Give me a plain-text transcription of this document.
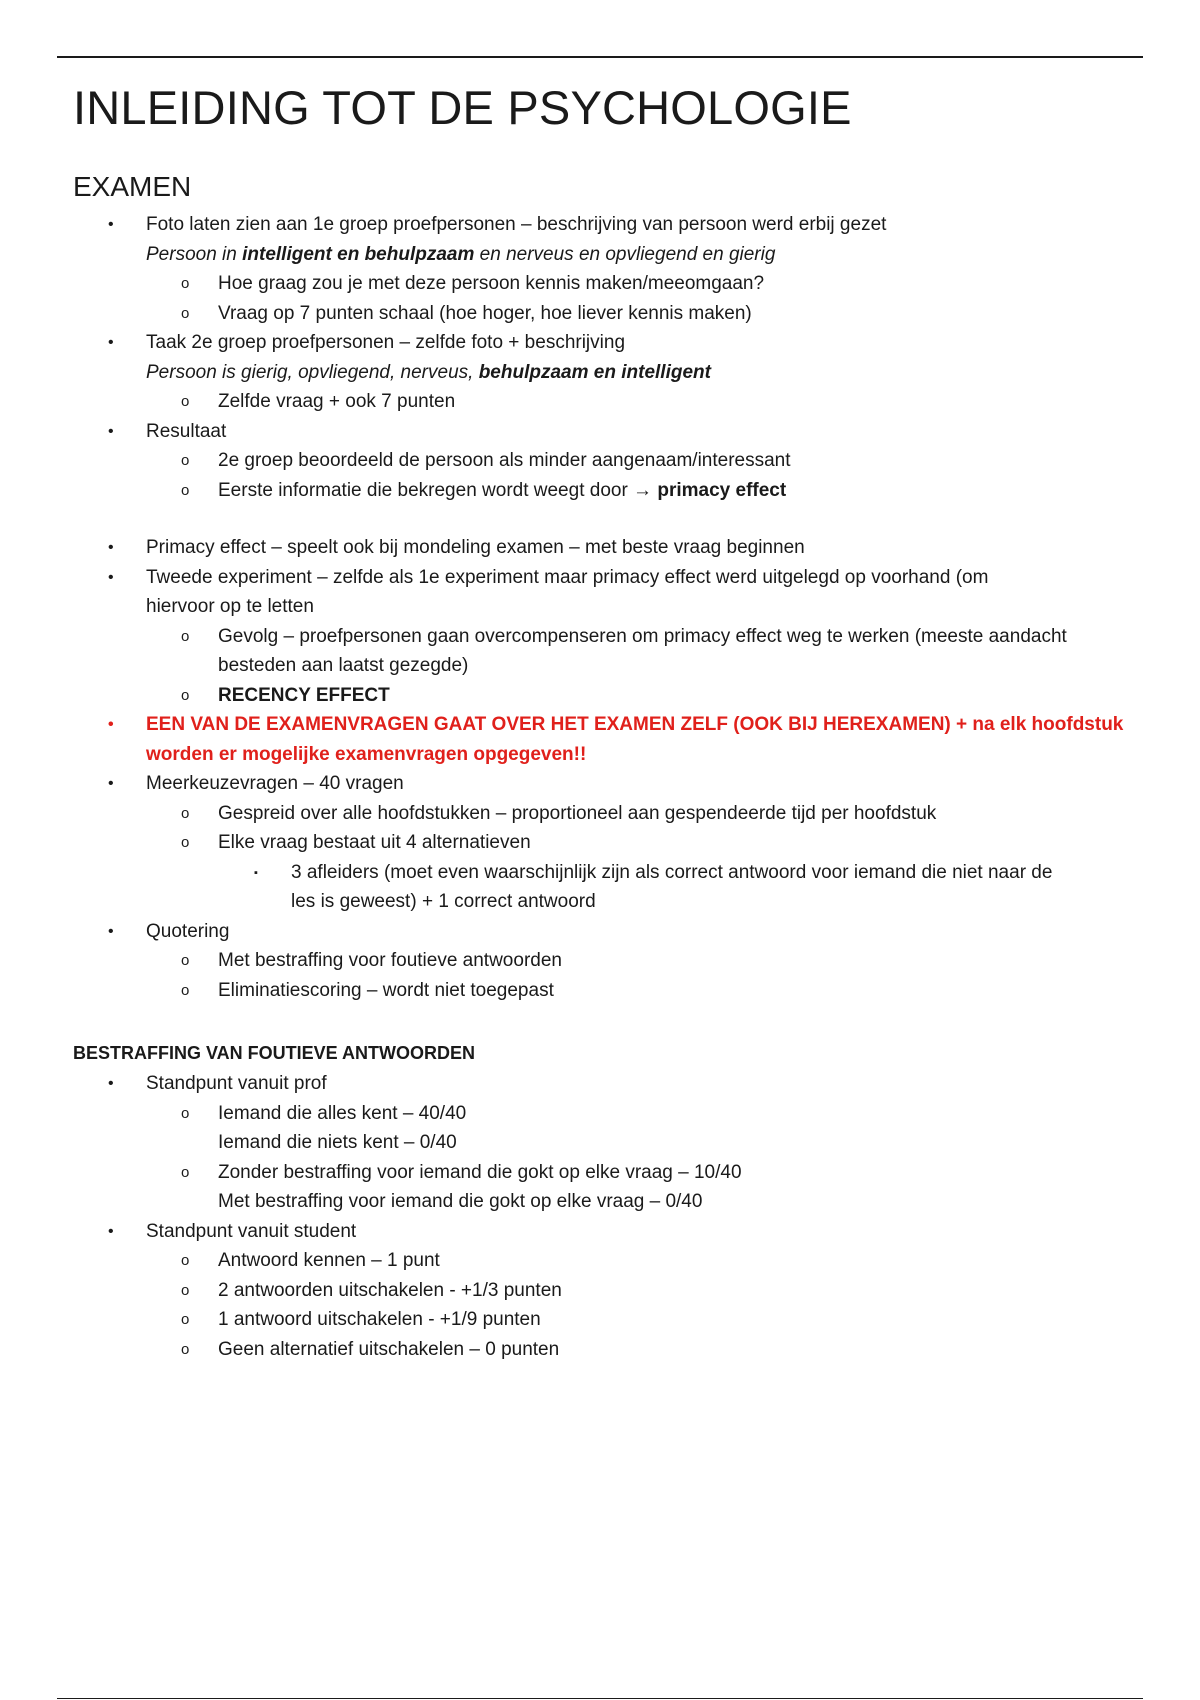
INLEIDING TOT DE PSYCHOLOGIE
EXAMEN
• Foto laten zien aan 1e groep proefpersonen – beschrijving van persoon werd erbij gezet
Persoon in intelligent en behulpzaam en nerveus en opvliegend en gierig
o Hoe graag zou je met deze persoon kennis maken/meeomgaan?
o Vraag op 7 punten schaal (hoe hoger, hoe liever kennis maken)
• Taak 2e groep proefpersonen – zelfde foto + beschrijving
Persoon is gierig, opvliegend, nerveus, behulpzaam en intelligent
o Zelfde vraag + ook 7 punten
• Resultaat
o 2e groep beoordeeld de persoon als minder aangenaam/interessant
o Eerste informatie die bekregen wordt weegt door → primacy effect
• Primacy effect – speelt ook bij mondeling examen – met beste vraag beginnen
• Tweede experiment – zelfde als 1e experiment maar primacy effect werd uitgelegd op voorhand (om
hiervoor op te letten
o Gevolg – proefpersonen gaan overcompenseren om primacy effect weg te werken (meeste aandacht
besteden aan laatst gezegde)
o RECENCY EFFECT
• EEN VAN DE EXAMENVRAGEN GAAT OVER HET EXAMEN ZELF (OOK BIJ HEREXAMEN) + na elk hoofdstuk
worden er mogelijke examenvragen opgegeven!!
• Meerkeuzevragen – 40 vragen
o Gespreid over alle hoofdstukken – proportioneel aan gespendeerde tijd per hoofdstuk
o Elke vraag bestaat uit 4 alternatieven
▪ 3 afleiders (moet even waarschijnlijk zijn als correct antwoord voor iemand die niet naar de
les is geweest) + 1 correct antwoord
• Quotering
o Met bestraffing voor foutieve antwoorden
o Eliminatiescoring – wordt niet toegepast
BESTRAFFING VAN FOUTIEVE ANTWOORDEN
• Standpunt vanuit prof
o Iemand die alles kent – 40/40
Iemand die niets kent – 0/40
o Zonder bestraffing voor iemand die gokt op elke vraag – 10/40
Met bestraffing voor iemand die gokt op elke vraag – 0/40
• Standpunt vanuit student
o Antwoord kennen – 1 punt
o 2 antwoorden uitschakelen - +1/3 punten
o 1 antwoord uitschakelen - +1/9 punten
o Geen alternatief uitschakelen – 0 punten
